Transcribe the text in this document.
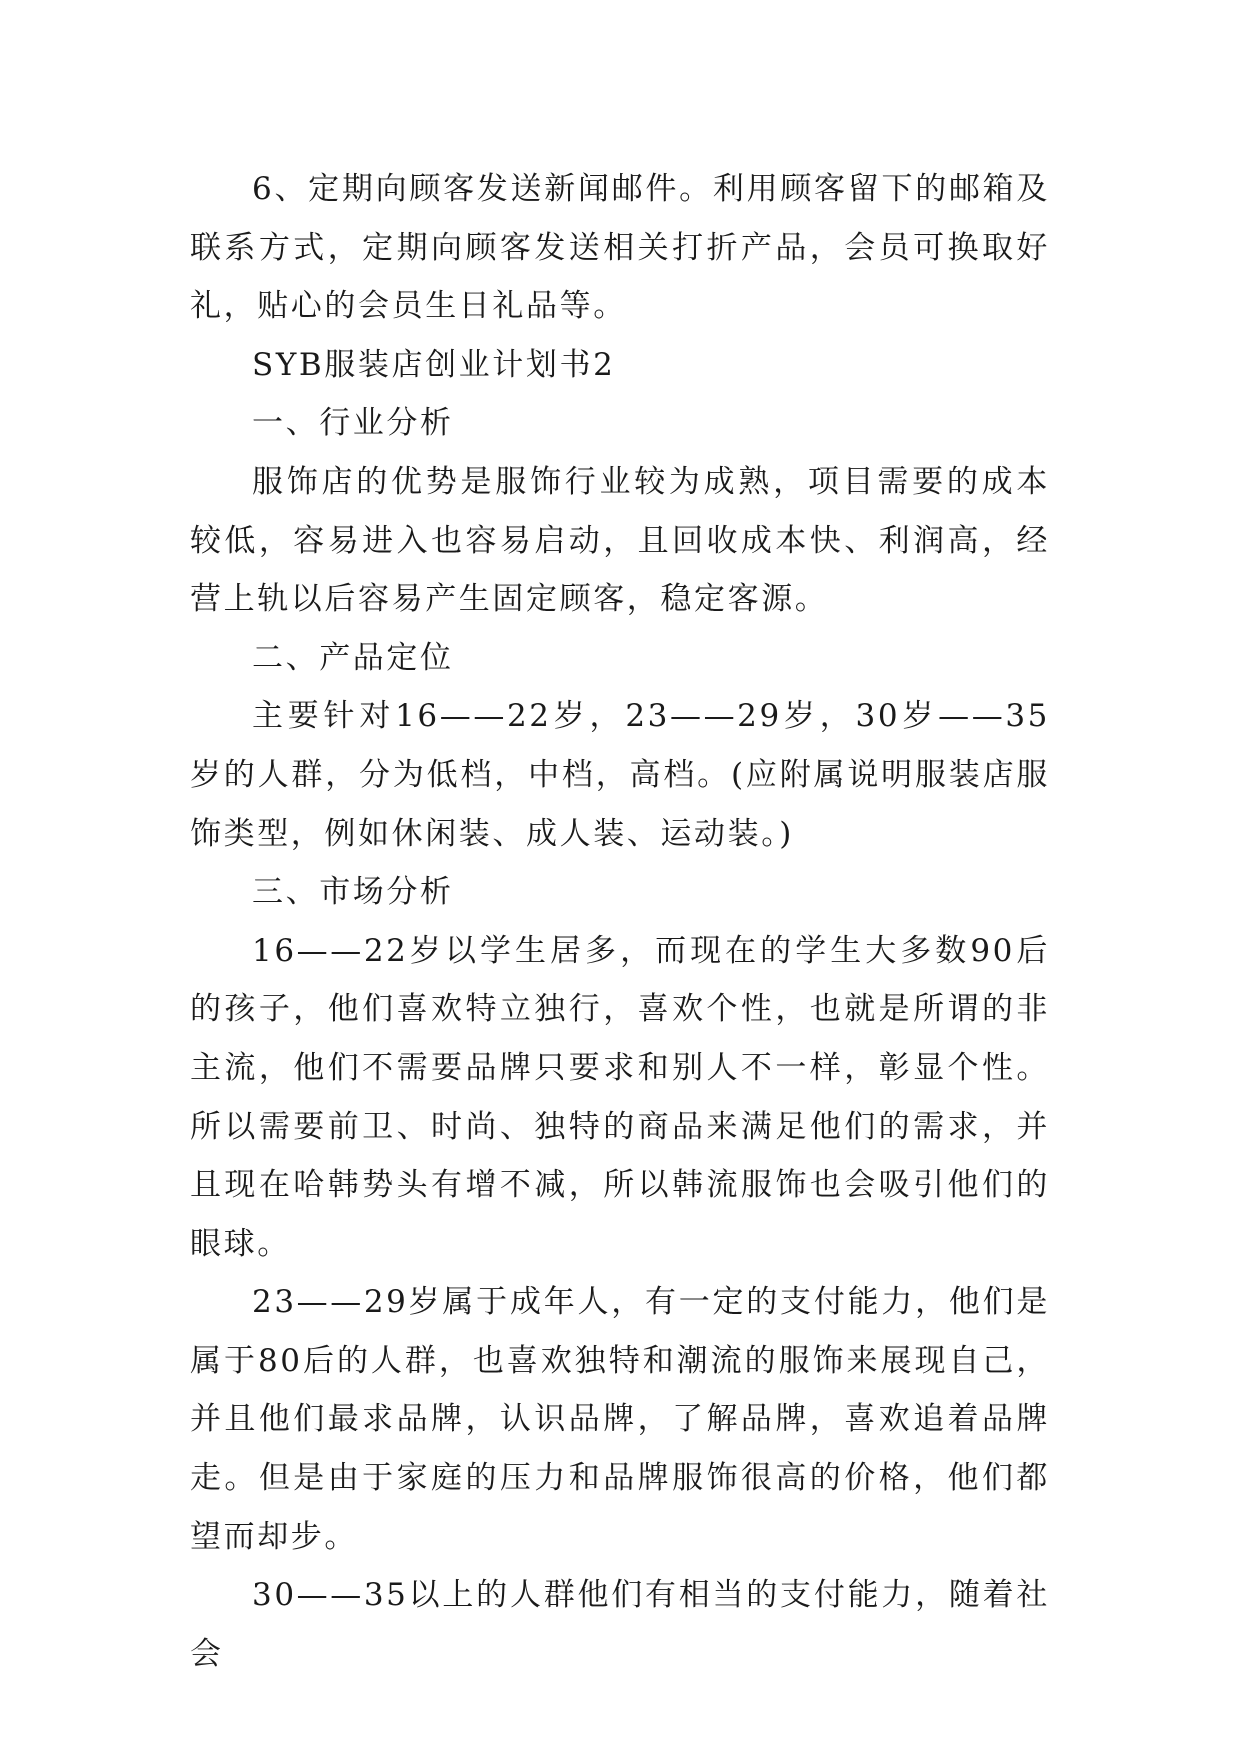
6、定期向顾客发送新闻邮件。利用顾客留下的邮箱及联系方式，定期向顾客发送相关打折产品，会员可换取好礼，贴心的会员生日礼品等。

SYB服装店创业计划书2

一、行业分析

服饰店的优势是服饰行业较为成熟，项目需要的成本较低，容易进入也容易启动，且回收成本快、利润高，经营上轨以后容易产生固定顾客，稳定客源。

二、产品定位

主要针对16——22岁，23——29岁，30岁——35岁的人群，分为低档，中档，高档。(应附属说明服装店服饰类型，例如休闲装、成人装、运动装。)

三、市场分析

16——22岁以学生居多，而现在的学生大多数90后的孩子，他们喜欢特立独行，喜欢个性，也就是所谓的非主流，他们不需要品牌只要求和别人不一样，彰显个性。所以需要前卫、时尚、独特的商品来满足他们的需求，并且现在哈韩势头有增不减，所以韩流服饰也会吸引他们的眼球。

23——29岁属于成年人，有一定的支付能力，他们是属于80后的人群，也喜欢独特和潮流的服饰来展现自己，并且他们最求品牌，认识品牌，了解品牌，喜欢追着品牌走。但是由于家庭的压力和品牌服饰很高的价格，他们都望而却步。

30——35以上的人群他们有相当的支付能力，随着社会
